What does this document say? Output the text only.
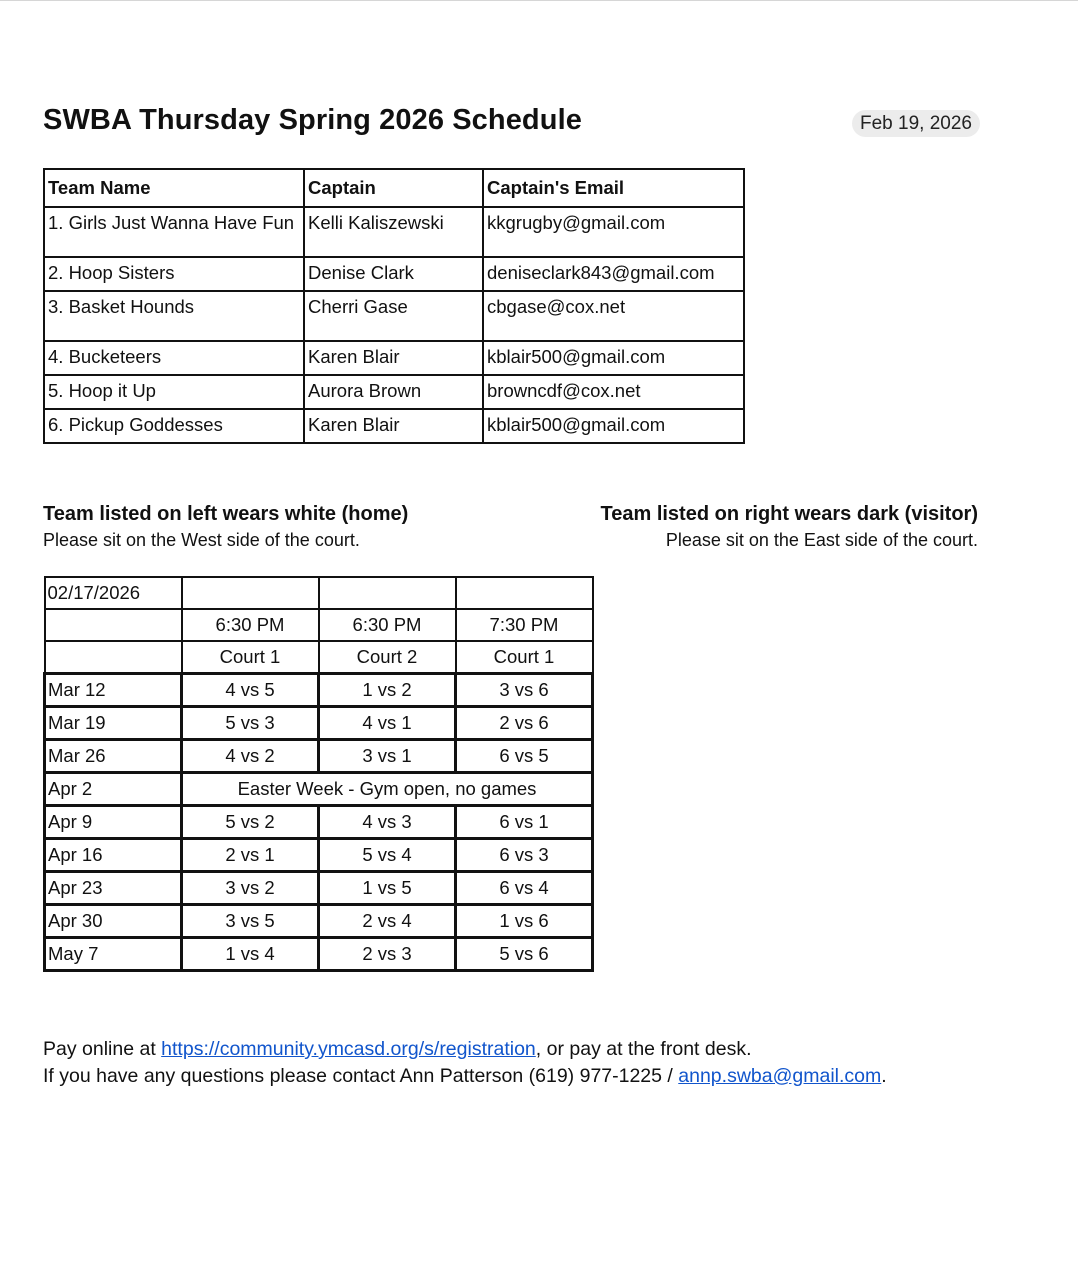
SWBA Thursday Spring 2026 Schedule	Feb 19, 2026
Team Name	Captain	Captain's Email
1. Girls Just Wanna Have Fun	Kelli Kaliszewski	kkgrugby@gmail.com
2. Hoop Sisters	Denise Clark	deniseclark843@gmail.com
3. Basket Hounds	Cherri Gase	cbgase@cox.net
4. Bucketeers	Karen Blair	kblair500@gmail.com
5. Hoop it Up	Aurora Brown	browncdf@cox.net
6. Pickup Goddesses	Karen Blair	kblair500@gmail.com
Team listed on left wears white (home)
Please sit on the West side of the court.
Team listed on right wears dark (visitor)
Please sit on the East side of the court.
02/17/2026			
	6:30 PM	6:30 PM	7:30 PM
	Court 1	Court 2	Court 1
Mar 12	4 vs 5	1 vs 2	3 vs 6
Mar 19	5 vs 3	4 vs 1	2 vs 6
Mar 26	4 vs 2	3 vs 1	6 vs 5
Apr 2	Easter Week - Gym open, no games		
Apr 9	5 vs 2	4 vs 3	6 vs 1
Apr 16	2 vs 1	5 vs 4	6 vs 3
Apr 23	3 vs 2	1 vs 5	6 vs 4
Apr 30	3 vs 5	2 vs 4	1 vs 6
May 7	1 vs 4	2 vs 3	5 vs 6
Pay online at https://community.ymcasd.org/s/registration, or pay at the front desk.
If you have any questions please contact Ann Patterson (619) 977-1225 / annp.swba@gmail.com.
